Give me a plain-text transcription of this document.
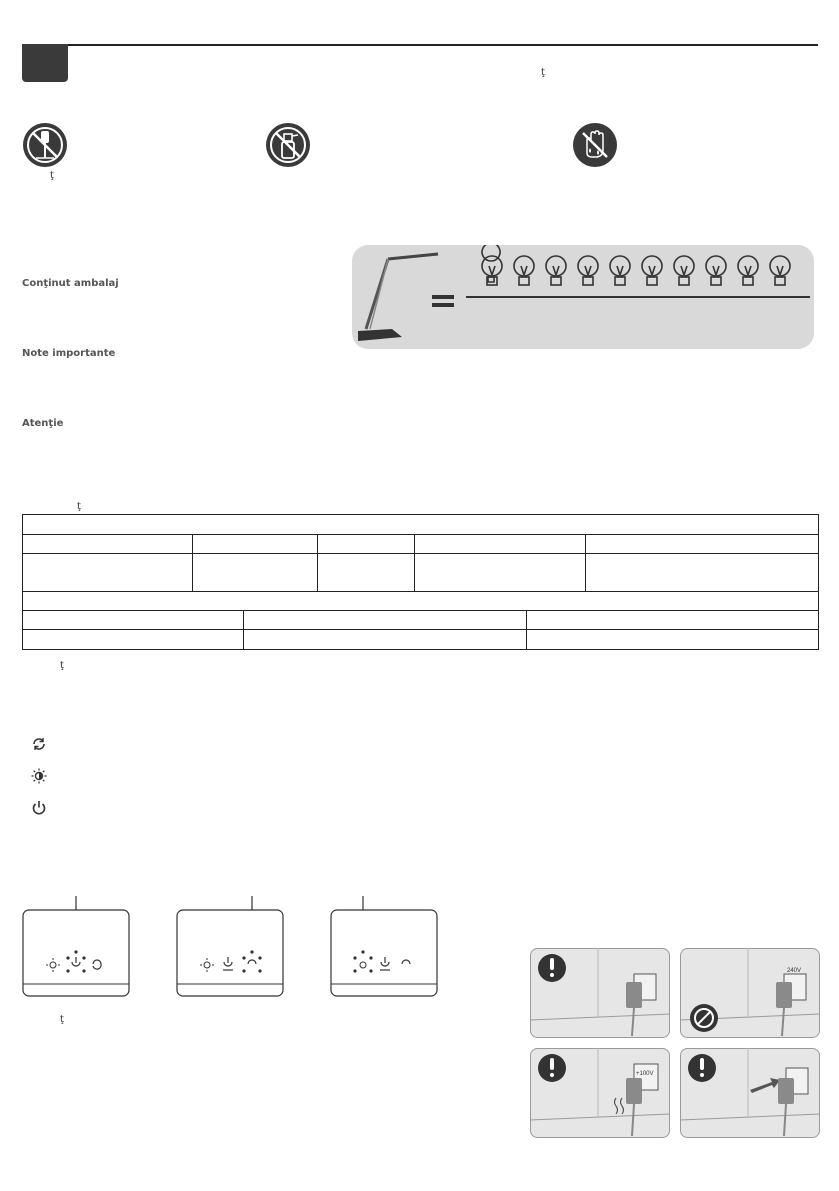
ţ
ţ
Conţinut ambalaj
Note importante
Atenţie
ţ
ţ
ţ
240V
+100V
